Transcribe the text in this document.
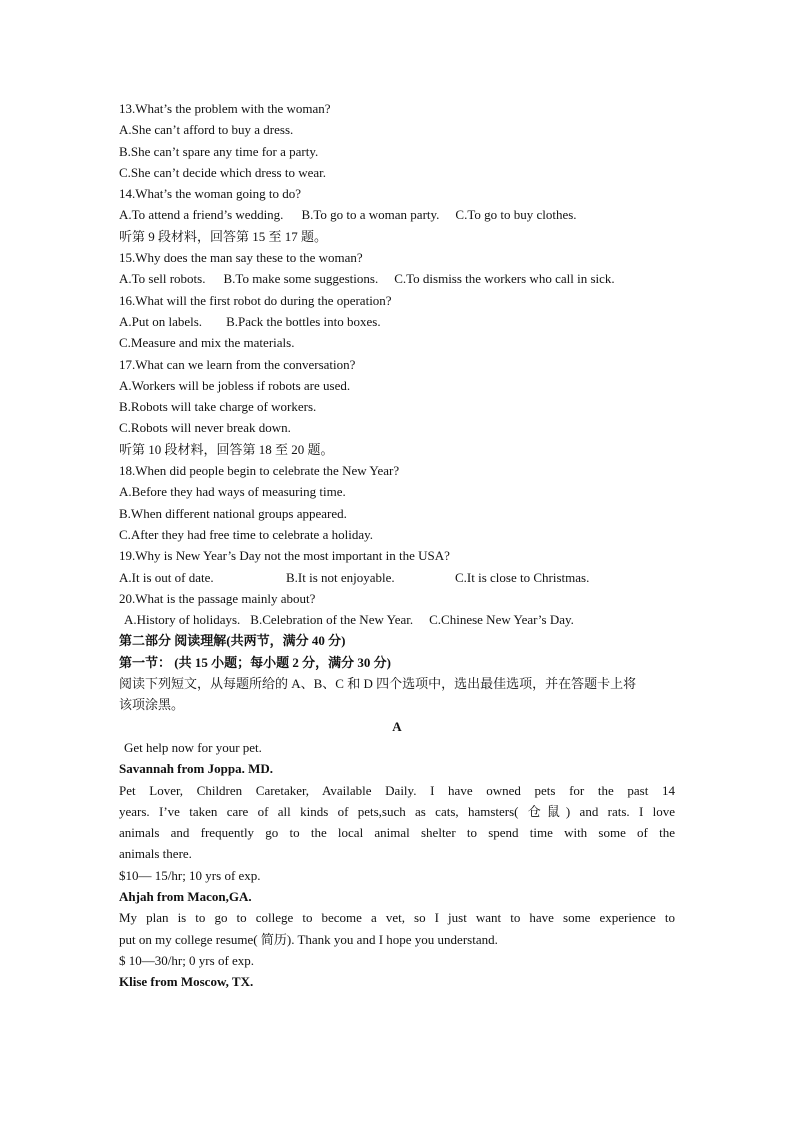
13.What’s the problem with the woman?
A.She can’t afford to buy a dress.
B.She can’t spare any time for a party.
C.She can’t decide which dress to wear.
14.What’s the woman going to do?
A.To attend a friend’s wedding. B.To go to a woman party. C.To go to buy clothes.
听第 9 段材料，回答第 15 至 17 题。
15.Why does the man say these to the woman?
A.To sell robots. B.To make some suggestions. C.To dismiss the workers who call in sick.
16.What will the first robot do during the operation?
A.Put on labels. B.Pack the bottles into boxes.
C.Measure and mix the materials.
17.What can we learn from the conversation?
A.Workers will be jobless if robots are used.
B.Robots will take charge of workers.
C.Robots will never break down.
听第 10 段材料，回答第 18 至 20 题。
18.When did people begin to celebrate the New Year?
A.Before they had ways of measuring time.
B.When different national groups appeared.
C.After they had free time to celebrate a holiday.
19.Why is New Year’s Day not the most important in the USA?
A.It is out of date.	B.It is not enjoyable.	C.It is close to Christmas.
20.What is the passage mainly about?
A.History of holidays. B.Celebration of the New Year. C.Chinese New Year’s Day.
第二部分 阅读理解(共两节，满分 40 分)
第一节： (共 15 小题；每小题 2 分，满分 30 分)
阅读下列短文，从每题所给的 A、B、C 和 D 四个选项中，选出最佳选项，并在答题卡上将
该项涂黑。
A
Get help now for your pet.
Savannah from Joppa. MD.
Pet Lover, Children Caretaker, Available Daily. I have owned pets for the past 14
years. I’ve taken care of all kinds of pets,such as cats, hamsters( 仓鼠) and rats. I love
animals and frequently go to the local animal shelter to spend time with some of the
animals there.
$10— 15/hr; 10 yrs of exp.
Ahjah from Macon,GA.
My plan is to go to college to become a vet, so I just want to have some experience to
put on my college resume( 简历). Thank you and I hope you understand.
$ 10—30/hr; 0 yrs of exp.
Klise from Moscow, TX.
